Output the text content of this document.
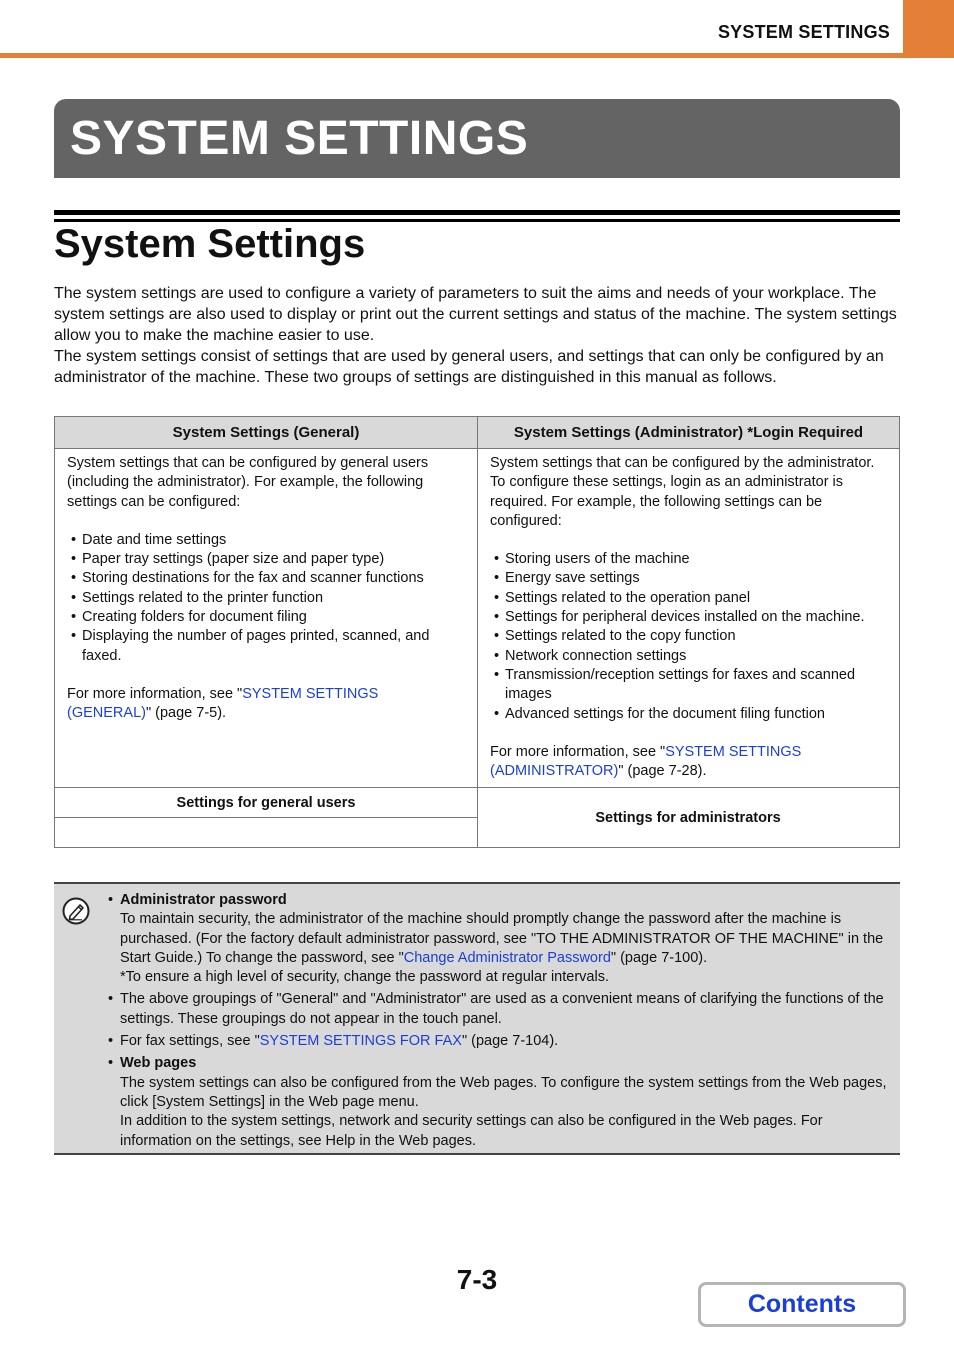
SYSTEM SETTINGS
SYSTEM SETTINGS
System Settings

The system settings are used to configure a variety of parameters to suit the aims and needs of your workplace. The system settings are also used to display or print out the current settings and status of the machine. The system settings allow you to make the machine easier to use.

The system settings consist of settings that are used by general users, and settings that can only be configured by an administrator of the machine. These two groups of settings are distinguished in this manual as follows.

System Settings (General)	System Settings (Administrator) *Login Required

System settings that can be configured by general users (including the administrator). For example, the following settings can be configured:

• Date and time settings
• Paper tray settings (paper size and paper type)
• Storing destinations for the fax and scanner functions
• Settings related to the printer function
• Creating folders for document filing
• Displaying the number of pages printed, scanned, and faxed.

For more information, see "SYSTEM SETTINGS (GENERAL)" (page 7-5).

System settings that can be configured by the administrator. To configure these settings, login as an administrator is required. For example, the following settings can be configured:

• Storing users of the machine
• Energy save settings
• Settings related to the operation panel
• Settings for peripheral devices installed on the machine.
• Settings related to the copy function
• Network connection settings
• Transmission/reception settings for faxes and scanned images
• Advanced settings for the document filing function

For more information, see "SYSTEM SETTINGS (ADMINISTRATOR)" (page 7-28).

Settings for general users
Settings for administrators

• Administrator password

To maintain security, the administrator of the machine should promptly change the password after the machine is purchased. (For the factory default administrator password, see "TO THE ADMINISTRATOR OF THE MACHINE" in the Start Guide.) To change the password, see "Change Administrator Password" (page 7-100).

*To ensure a high level of security, change the password at regular intervals.

• The above groupings of "General" and "Administrator" are used as a convenient means of clarifying the functions of the settings. These groupings do not appear in the touch panel.

• For fax settings, see "SYSTEM SETTINGS FOR FAX" (page 7-104).

• Web pages

The system settings can also be configured from the Web pages. To configure the system settings from the Web pages, click [System Settings] in the Web page menu.

In addition to the system settings, network and security settings can also be configured in the Web pages. For information on the settings, see Help in the Web pages.

7-3
Contents
